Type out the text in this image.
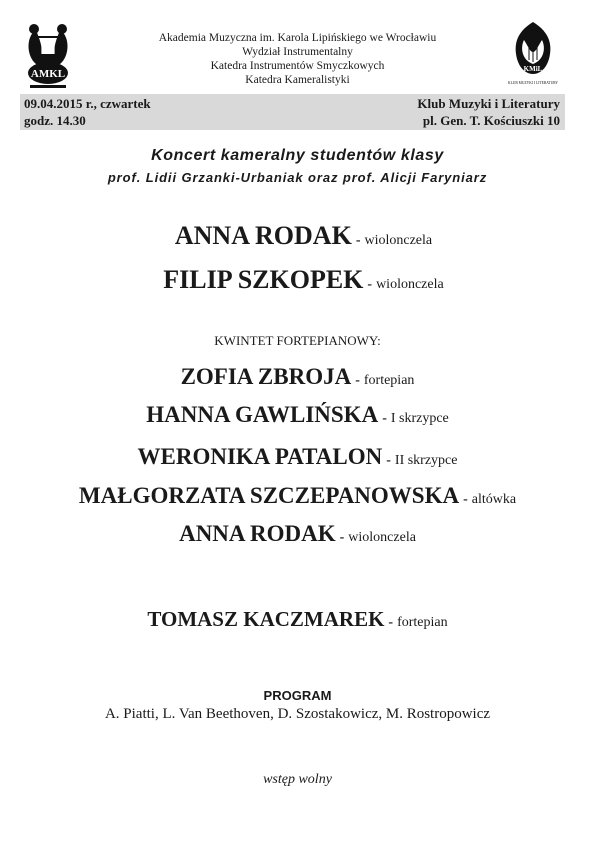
AMKL
Akademia Muzyczna im. Karola Lipińskiego we Wrocławiu
Wydział Instrumentalny
Katedra Instrumentów Smyczkowych
Katedra Kameralistyki
KMiL
KLUB MUZYKI I LITERATURY
09.04.2015 r., czwartek
godz. 14.30
Klub Muzyki i Literatury
pl. Gen. T. Kościuszki 10
Koncert kameralny studentów klasy
prof. Lidii Grzanki-Urbaniak oraz prof. Alicji Faryniarz
ANNA RODAK - wiolonczela
FILIP SZKOPEK - wiolonczela
KWINTET FORTEPIANOWY:
ZOFIA ZBROJA - fortepian
HANNA GAWLIŃSKA - I skrzypce
WERONIKA PATALON - II skrzypce
MAŁGORZATA SZCZEPANOWSKA - altówka
ANNA RODAK - wiolonczela
TOMASZ KACZMAREK - fortepian
PROGRAM
A. Piatti, L. Van Beethoven, D. Szostakowicz, M. Rostropowicz
wstęp wolny
